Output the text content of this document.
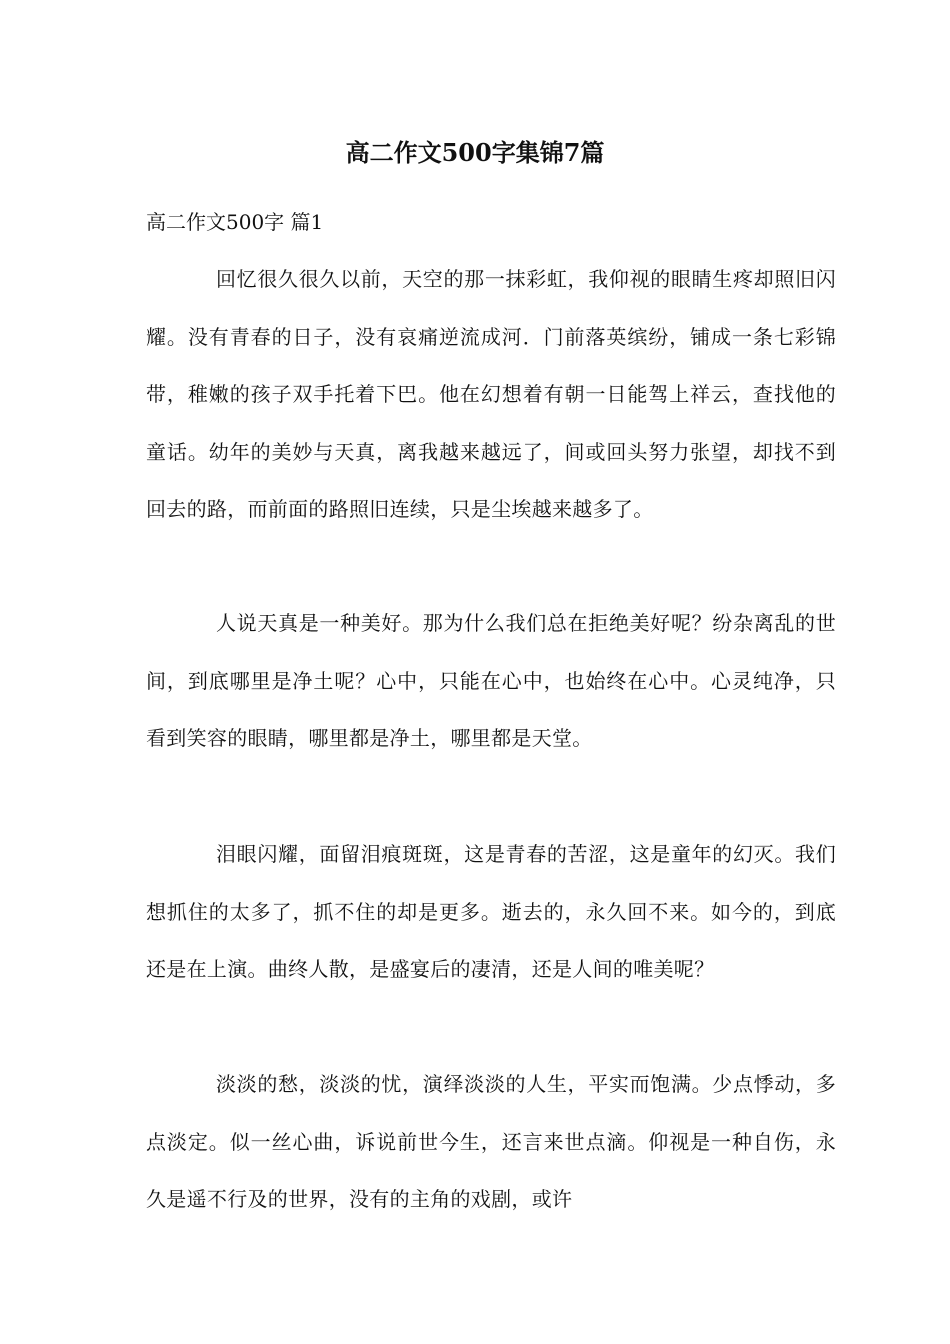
高二作文500字集锦7篇
高二作文500字 篇1

回忆很久很久以前，天空的那一抹彩虹，我仰视的眼睛生疼却照旧闪耀。没有青春的日子，没有哀痛逆流成河．门前落英缤纷，铺成一条七彩锦带，稚嫩的孩子双手托着下巴。他在幻想着有朝一日能驾上祥云，查找他的童话。幼年的美妙与天真，离我越来越远了，间或回头努力张望，却找不到回去的路，而前面的路照旧连续，只是尘埃越来越多了。

人说天真是一种美好。那为什么我们总在拒绝美好呢？纷杂离乱的世间，到底哪里是净土呢？心中，只能在心中，也始终在心中。心灵纯净，只看到笑容的眼睛，哪里都是净土，哪里都是天堂。

泪眼闪耀，面留泪痕斑斑，这是青春的苦涩，这是童年的幻灭。我们想抓住的太多了，抓不住的却是更多。逝去的，永久回不来。如今的，到底还是在上演。曲终人散，是盛宴后的凄清，还是人间的唯美呢？

淡淡的愁，淡淡的忧，演绎淡淡的人生，平实而饱满。少点悸动，多点淡定。似一丝心曲，诉说前世今生，还言来世点滴。仰视是一种自伤，永久是遥不行及的世界，没有的主角的戏剧，或许
